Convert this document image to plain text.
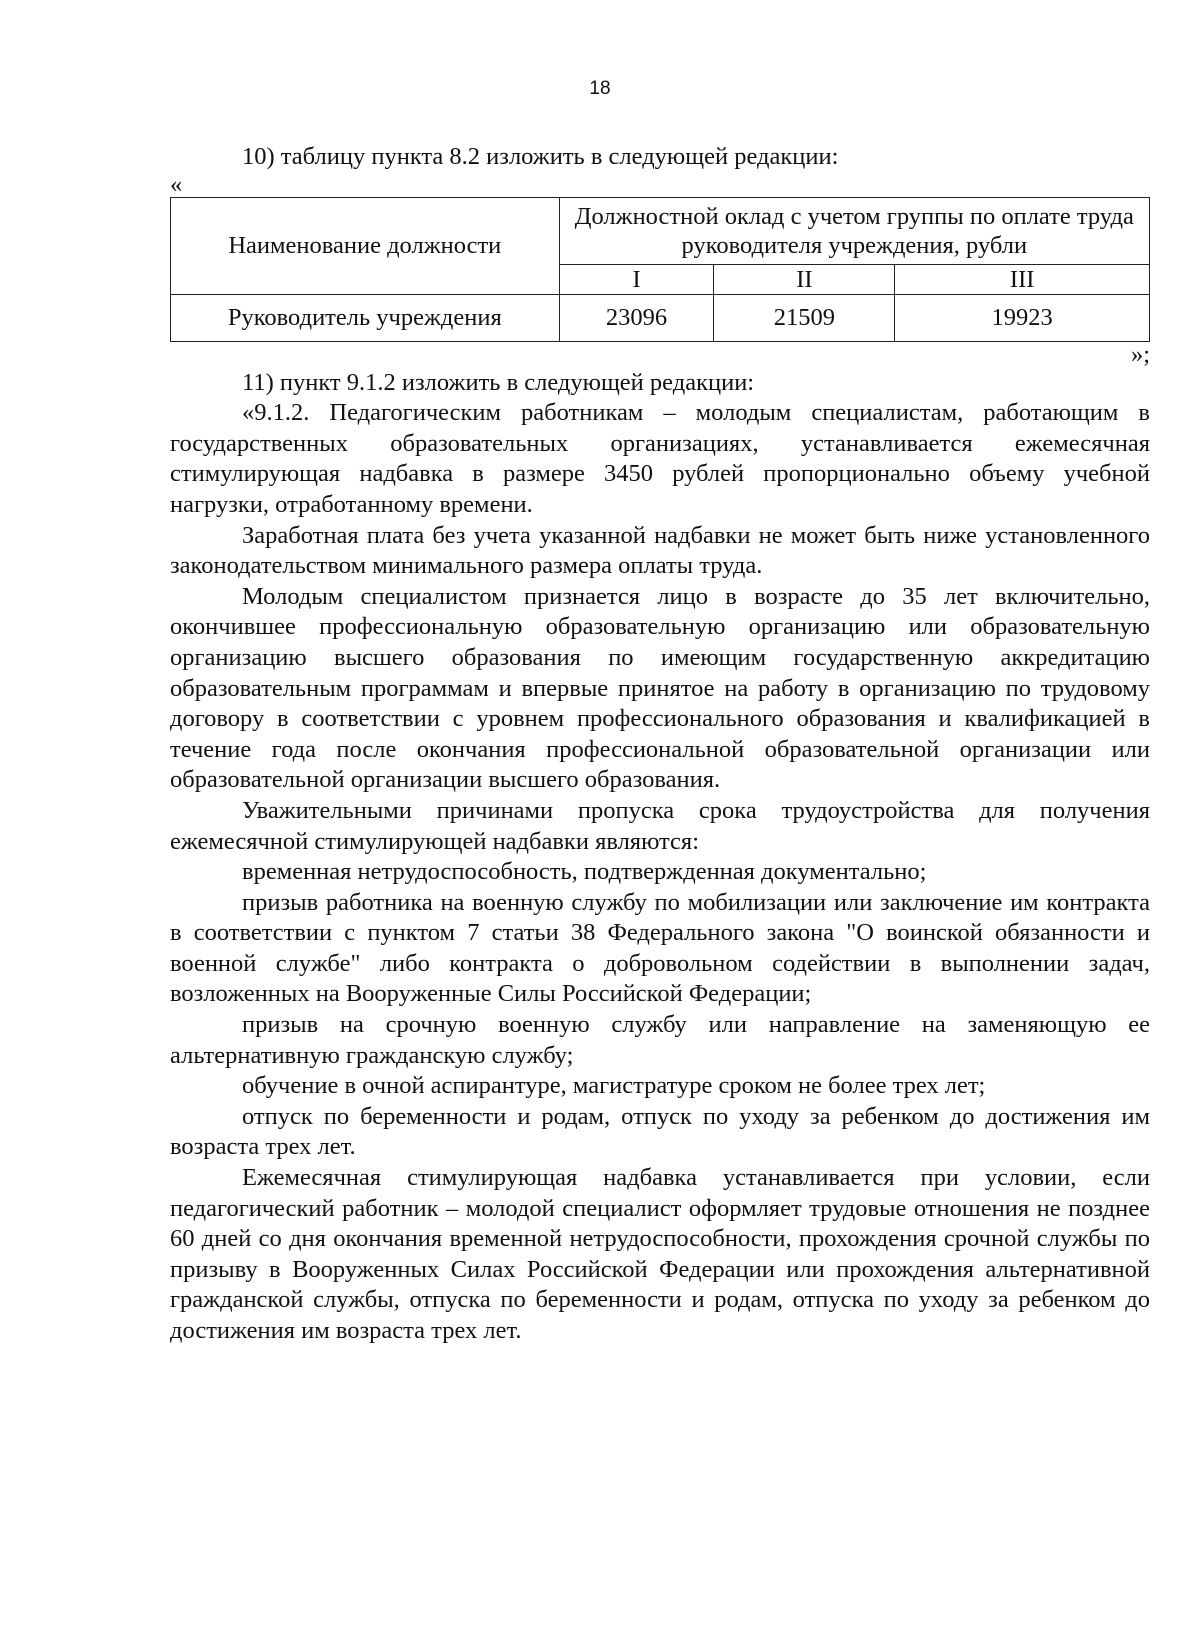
18
10) таблицу пункта 8.2 изложить в следующей редакции:
«
Наименование должности	Должностной оклад с учетом группы по оплате труда руководителя учреждения, рубли		
	I	II	III
Руководитель учреждения	23096	21509	19923
»;
11) пункт 9.1.2 изложить в следующей редакции:

«9.1.2. Педагогическим работникам – молодым специалистам, работающим в государственных образовательных организациях, устанавливается ежемесячная стимулирующая надбавка в размере 3450 рублей пропорционально объему учебной нагрузки, отработанному времени.

Заработная плата без учета указанной надбавки не может быть ниже установленного законодательством минимального размера оплаты труда.

Молодым специалистом признается лицо в возрасте до 35 лет включительно, окончившее профессиональную образовательную организацию или образовательную организацию высшего образования по имеющим государственную аккредитацию образовательным программам и впервые принятое на работу в организацию по трудовому договору в соответствии с уровнем профессионального образования и квалификацией в течение года после окончания профессиональной образовательной организации или образовательной организации высшего образования.

Уважительными причинами пропуска срока трудоустройства для получения ежемесячной стимулирующей надбавки являются:

временная нетрудоспособность, подтвержденная документально;

призыв работника на военную службу по мобилизации или заключение им контракта в соответствии с пунктом 7 статьи 38 Федерального закона "О воинской обязанности и военной службе" либо контракта о добровольном содействии в выполнении задач, возложенных на Вооруженные Силы Российской Федерации;

призыв на срочную военную службу или направление на заменяющую ее альтернативную гражданскую службу;

обучение в очной аспирантуре, магистратуре сроком не более трех лет;

отпуск по беременности и родам, отпуск по уходу за ребенком до достижения им возраста трех лет.

Ежемесячная стимулирующая надбавка устанавливается при условии, если педагогический работник – молодой специалист оформляет трудовые отношения не позднее 60 дней со дня окончания временной нетрудоспособности, прохождения срочной службы по призыву в Вооруженных Силах Российской Федерации или прохождения альтернативной гражданской службы, отпуска по беременности и родам, отпуска по уходу за ребенком до достижения им возраста трех лет.
